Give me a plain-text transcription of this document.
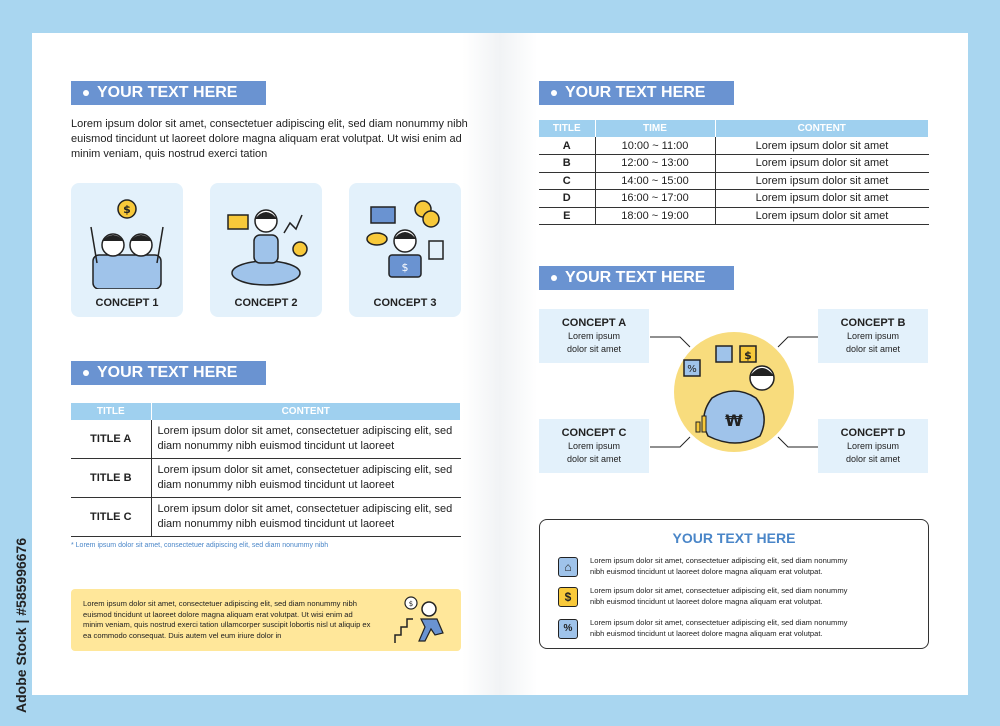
Adobe Stock | #585996676
YOUR TEXT HERE
Lorem ipsum dolor sit amet, consectetuer adipiscing elit, sed diam nonummy nibh euismod tincidunt ut laoreet dolore magna aliquam erat volutpat. Ut wisi enim ad minim veniam, quis nostrud exerci tation
$
CONCEPT 1	CONCEPT 2
$
CONCEPT 3
YOUR TEXT HERE
TITLE	CONTENT
TITLE A	Lorem ipsum dolor sit amet, consectetuer adipiscing elit, sed diam nonummy nibh euismod tincidunt ut laoreet
TITLE B	Lorem ipsum dolor sit amet, consectetuer adipiscing elit, sed diam nonummy nibh euismod tincidunt ut laoreet
TITLE C	Lorem ipsum dolor sit amet, consectetuer adipiscing elit, sed diam nonummy nibh euismod tincidunt ut laoreet
* Lorem ipsum dolor sit amet, consectetuer adipiscing elit, sed diam nonummy nibh
Lorem ipsum dolor sit amet, consectetuer adipiscing elit, sed diam nonummy nibh euismod tincidunt ut laoreet dolore magna aliquam erat volutpat. Ut wisi enim ad minim veniam, quis nostrud exerci tation ullamcorper suscipit lobortis nisl ut aliquip ex ea commodo consequat. Duis autem vel eum iriure dolor in
$
YOUR TEXT HERE
TITLE	TIME	CONTENT
A	10:00 ~ 11:00	Lorem ipsum dolor sit amet
B	12:00 ~ 13:00	Lorem ipsum dolor sit amet
C	14:00 ~ 15:00	Lorem ipsum dolor sit amet
D	16:00 ~ 17:00	Lorem ipsum dolor sit amet
E	18:00 ~ 19:00	Lorem ipsum dolor sit amet
YOUR TEXT HERE
CONCEPT A
Lorem ipsum
dolor sit amet
CONCEPT B
Lorem ipsum
dolor sit amet
CONCEPT C
Lorem ipsum
dolor sit amet
CONCEPT D
Lorem ipsum
dolor sit amet
$
%
₩
YOUR TEXT HERE
⌂	Lorem ipsum dolor sit amet, consectetuer adipiscing elit, sed diam nonummy nibh euismod tincidunt ut laoreet dolore magna aliquam erat volutpat.
$	Lorem ipsum dolor sit amet, consectetuer adipiscing elit, sed diam nonummy nibh euismod tincidunt ut laoreet dolore magna aliquam erat volutpat.
%
Lorem ipsum dolor sit amet, consectetuer adipiscing elit, sed diam nonummy nibh euismod tincidunt ut laoreet dolore magna aliquam erat volutpat.
